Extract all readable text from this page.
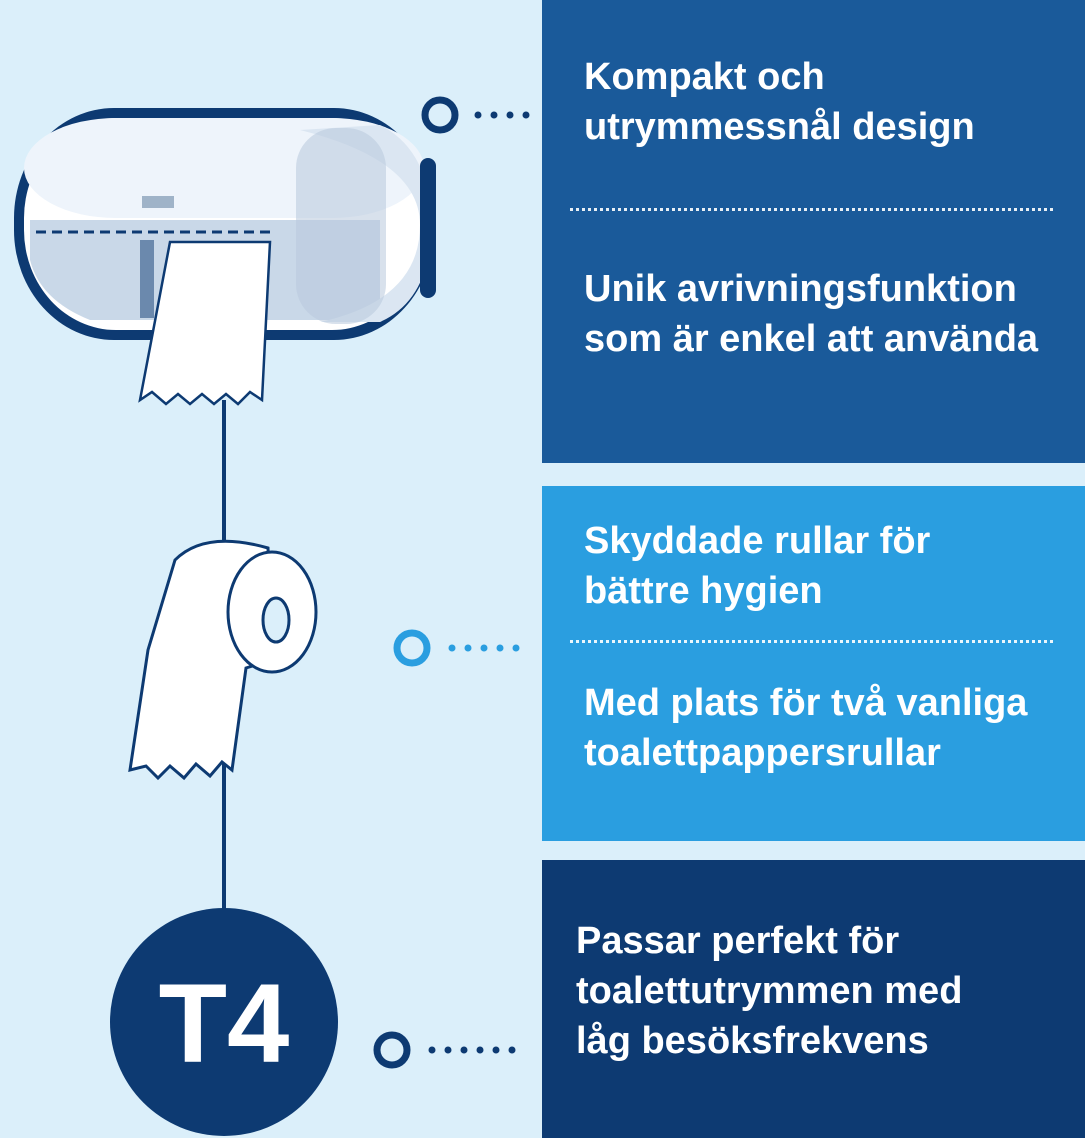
T4
Kompakt och
utrymmessnål design
Unik avrivningsfunktion
som är enkel att använda
Skyddade rullar för
bättre hygien
Med plats för två vanliga
toalettpappersrullar
Passar perfekt för
toalettutrymmen med
låg besöksfrekvens
